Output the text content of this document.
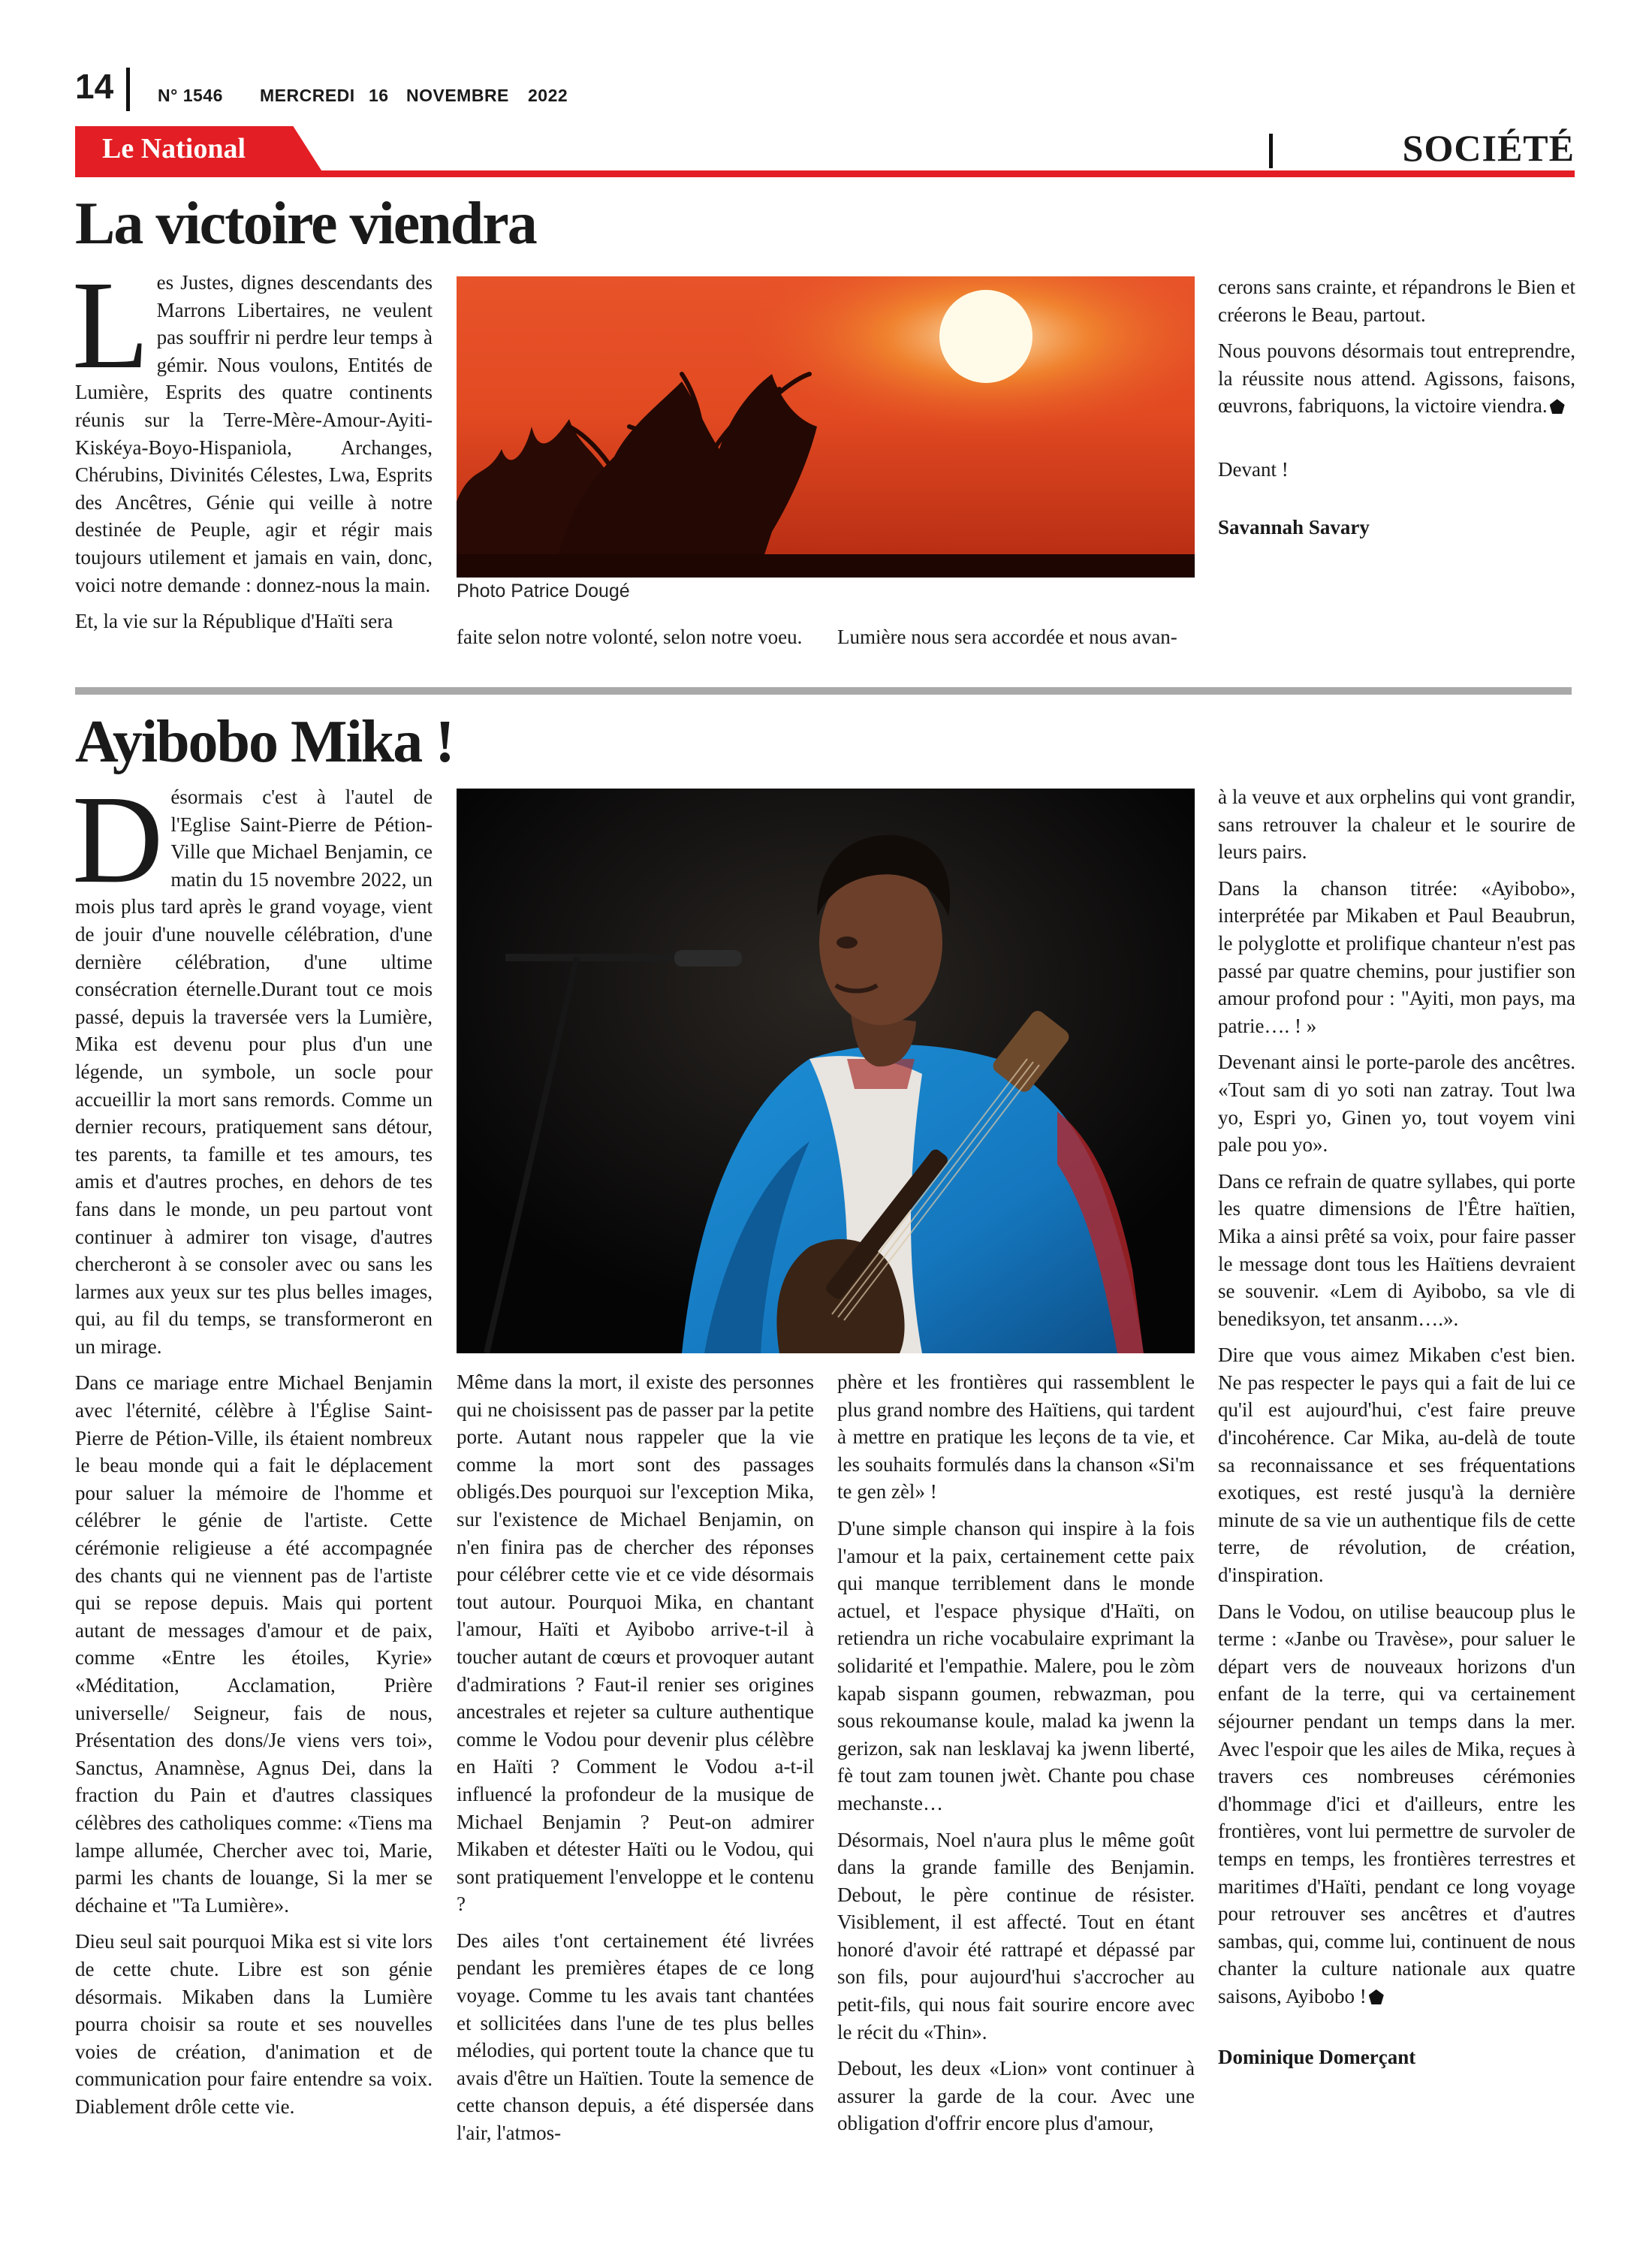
14	N° 1546 MERCREDI 16 NOVEMBRE 2022
Le National	SOCIÉTÉ
La victoire viendra

Les Justes, dignes descendants des Marrons Libertaires, ne veulent pas souffrir ni perdre leur temps à gémir. Nous voulons, Entités de Lumière, Esprits des quatre continents réunis sur la Terre-Mère-Amour-Ayiti-Kiskéya-Boyo-Hispaniola, Archanges, Chérubins, Divinités Célestes, Lwa, Esprits des Ancêtres, Génie qui veille à notre destinée de Peuple, agir et régir mais toujours utilement et jamais en vain, donc, voici notre demande : donnez-nous la main.

Et, la vie sur la République d'Haïti sera

Photo Patrice Dougé

faite selon notre volonté, selon notre voeu.	Lumière nous sera accordée et nous avan-

cerons sans crainte, et répandrons le Bien et créerons le Beau, partout.

Nous pouvons désormais tout entreprendre, la réussite nous attend. Agissons, faisons, œuvrons, fabriquons, la victoire viendra.

Devant !

Savannah Savary

Ayibobo Mika !

Désormais c'est à l'autel de l'Eglise Saint-Pierre de Pétion-Ville que Michael Benjamin, ce matin du 15 novembre 2022, un mois plus tard après le grand voyage, vient de jouir d'une nouvelle célébration, d'une dernière célébration, d'une ultime consécration éternelle.Durant tout ce mois passé, depuis la traversée vers la Lumière, Mika est devenu pour plus d'un une légende, un symbole, un socle pour accueillir la mort sans remords. Comme un dernier recours, pratiquement sans détour, tes parents, ta famille et tes amours, tes amis et d'autres proches, en dehors de tes fans dans le monde, un peu partout vont continuer à admirer ton visage, d'autres chercheront à se consoler avec ou sans les larmes aux yeux sur tes plus belles images, qui, au fil du temps, se transformeront en un mirage.

Dans ce mariage entre Michael Benjamin avec l'éternité, célèbre à l'Église Saint-Pierre de Pétion-Ville, ils étaient nombreux le beau monde qui a fait le déplacement pour saluer la mémoire de l'homme et célébrer le génie de l'artiste. Cette cérémonie religieuse a été accompagnée des chants qui ne viennent pas de l'artiste qui se repose depuis. Mais qui portent autant de messages d'amour et de paix, comme «Entre les étoiles, Kyrie» «Méditation, Acclamation, Prière universelle/ Seigneur, fais de nous, Présentation des dons/Je viens vers toi», Sanctus, Anamnèse, Agnus Dei, dans la fraction du Pain et d'autres classiques célèbres des catholiques comme: «Tiens ma lampe allumée, Chercher avec toi, Marie, parmi les chants de louange, Si la mer se déchaine et "Ta Lumière».

Dieu seul sait pourquoi Mika est si vite lors de cette chute. Libre est son génie désormais. Mikaben dans la Lumière pourra choisir sa route et ses nouvelles voies de création, d'animation et de communication pour faire entendre sa voix. Diablement drôle cette vie.

Même dans la mort, il existe des personnes qui ne choisissent pas de passer par la petite porte. Autant nous rappeler que la vie comme la mort sont des passages obligés.Des pourquoi sur l'exception Mika, sur l'existence de Michael Benjamin, on n'en finira pas de chercher des réponses pour célébrer cette vie et ce vide désormais tout autour. Pourquoi Mika, en chantant l'amour, Haïti et Ayibobo arrive-t-il à toucher autant de cœurs et provoquer autant d'admirations ? Faut-il renier ses origines ancestrales et rejeter sa culture authentique comme le Vodou pour devenir plus célèbre en Haïti ? Comment le Vodou a-t-il influencé la profondeur de la musique de Michael Benjamin ? Peut-on admirer Mikaben et détester Haïti ou le Vodou, qui sont pratiquement l'enveloppe et le contenu ?

Des ailes t'ont certainement été livrées pendant les premières étapes de ce long voyage. Comme tu les avais tant chantées et sollicitées dans l'une de tes plus belles mélodies, qui portent toute la chance que tu avais d'être un Haïtien. Toute la semence de cette chanson depuis, a été dispersée dans l'air, l'atmos-

phère et les frontières qui rassemblent le plus grand nombre des Haïtiens, qui tardent à mettre en pratique les leçons de ta vie, et les souhaits formulés dans la chanson «Si'm te gen zèl» !

D'une simple chanson qui inspire à la fois l'amour et la paix, certainement cette paix qui manque terriblement dans le monde actuel, et l'espace physique d'Haïti, on retiendra un riche vocabulaire exprimant la solidarité et l'empathie. Malere, pou le zòm kapab sispann goumen, rebwazman, pou sous rekoumanse koule, malad ka jwenn la gerizon, sak nan lesklavaj ka jwenn liberté, fè tout zam tounen jwèt. Chante pou chase mechanste…

Désormais, Noel n'aura plus le même goût dans la grande famille des Benjamin. Debout, le père continue de résister. Visiblement, il est affecté. Tout en étant honoré d'avoir été rattrapé et dépassé par son fils, pour aujourd'hui s'accrocher au petit-fils, qui nous fait sourire encore avec le récit du «Thin».

Debout, les deux «Lion» vont continuer à assurer la garde de la cour. Avec une obligation d'offrir encore plus d'amour,

à la veuve et aux orphelins qui vont grandir, sans retrouver la chaleur et le sourire de leurs pairs.

Dans la chanson titrée: «Ayibobo», interprétée par Mikaben et Paul Beaubrun, le polyglotte et prolifique chanteur n'est pas passé par quatre chemins, pour justifier son amour profond pour : "Ayiti, mon pays, ma patrie…. ! »

Devenant ainsi le porte-parole des ancêtres. «Tout sam di yo soti nan zatray. Tout lwa yo, Espri yo, Ginen yo, tout voyem vini pale pou yo».

Dans ce refrain de quatre syllabes, qui porte les quatre dimensions de l'Être haïtien, Mika a ainsi prêté sa voix, pour faire passer le message dont tous les Haïtiens devraient se souvenir. «Lem di Ayibobo, sa vle di benediksyon, tet ansanm….».

Dire que vous aimez Mikaben c'est bien. Ne pas respecter le pays qui a fait de lui ce qu'il est aujourd'hui, c'est faire preuve d'incohérence. Car Mika, au-delà de toute sa reconnaissance et ses fréquentations exotiques, est resté jusqu'à la dernière minute de sa vie un authentique fils de cette terre, de révolution, de création, d'inspiration.

Dans le Vodou, on utilise beaucoup plus le terme : «Janbe ou Travèse», pour saluer le départ vers de nouveaux horizons d'un enfant de la terre, qui va certainement séjourner pendant un temps dans la mer. Avec l'espoir que les ailes de Mika, reçues à travers ces nombreuses cérémonies d'hommage d'ici et d'ailleurs, entre les frontières, vont lui permettre de survoler de temps en temps, les frontières terrestres et maritimes d'Haïti, pendant ce long voyage pour retrouver ses ancêtres et d'autres sambas, qui, comme lui, continuent de nous chanter la culture nationale aux quatre saisons, Ayibobo !

Dominique Domerçant
